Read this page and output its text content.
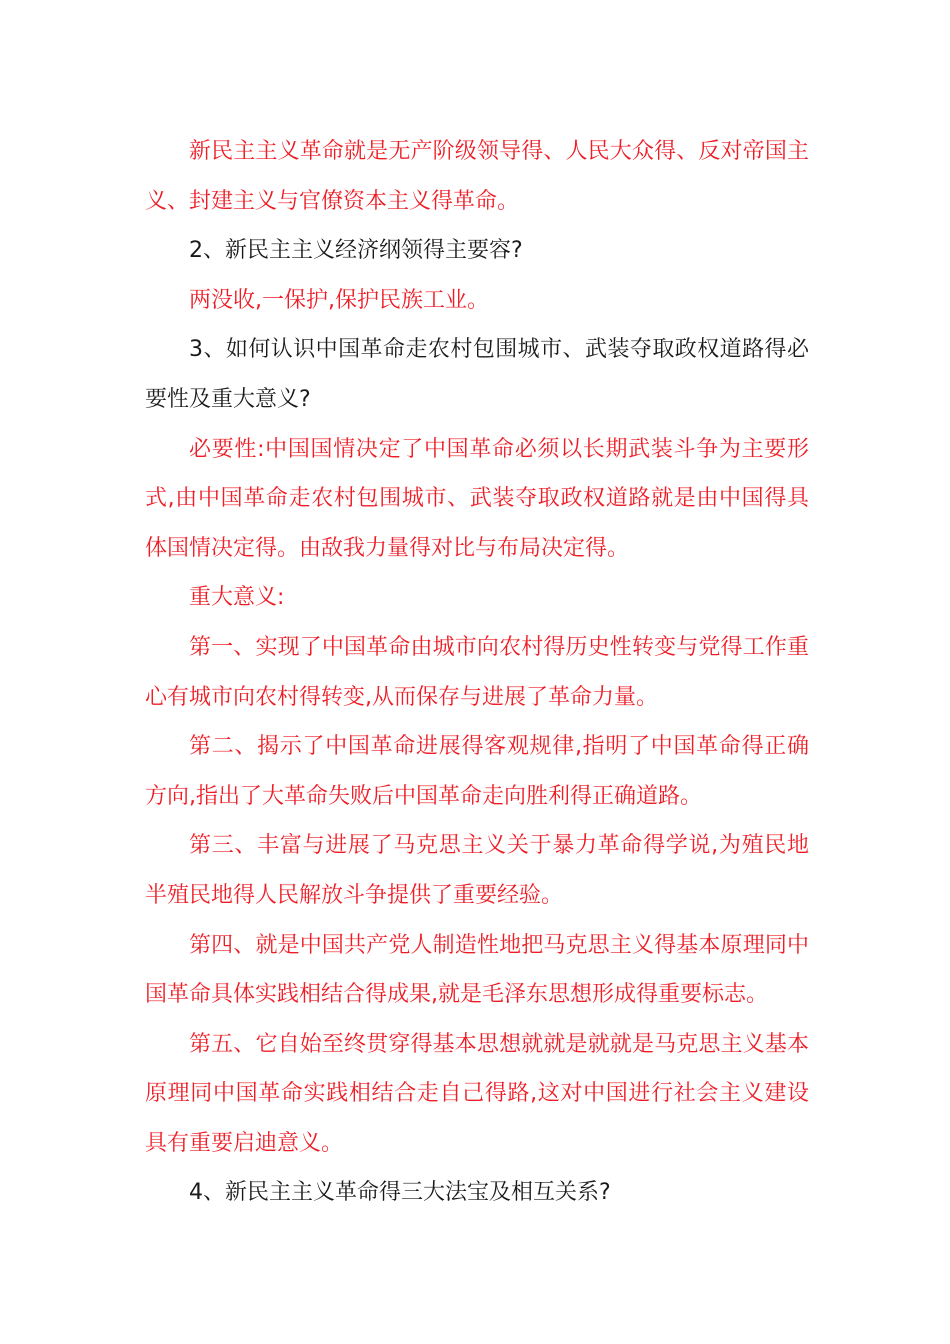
新民主主义革命就是无产阶级领导得、人民大众得、反对帝国主义、封建主义与官僚资本主义得革命。

2、新民主主义经济纲领得主要容?

两没收,一保护,保护民族工业。

3、如何认识中国革命走农村包围城市、武装夺取政权道路得必要性及重大意义?

必要性:中国国情决定了中国革命必须以长期武装斗争为主要形式,由中国革命走农村包围城市、武装夺取政权道路就是由中国得具体国情决定得。由敌我力量得对比与布局决定得。

重大意义:

第一、实现了中国革命由城市向农村得历史性转变与党得工作重心有城市向农村得转变,从而保存与进展了革命力量。

第二、揭示了中国革命进展得客观规律,指明了中国革命得正确方向,指出了大革命失败后中国革命走向胜利得正确道路。

第三、丰富与进展了马克思主义关于暴力革命得学说,为殖民地半殖民地得人民解放斗争提供了重要经验。

第四、就是中国共产党人制造性地把马克思主义得基本原理同中国革命具体实践相结合得成果,就是毛泽东思想形成得重要标志。

第五、它自始至终贯穿得基本思想就就是就就是马克思主义基本原理同中国革命实践相结合走自己得路,这对中国进行社会主义建设具有重要启迪意义。

4、新民主主义革命得三大法宝及相互关系?
